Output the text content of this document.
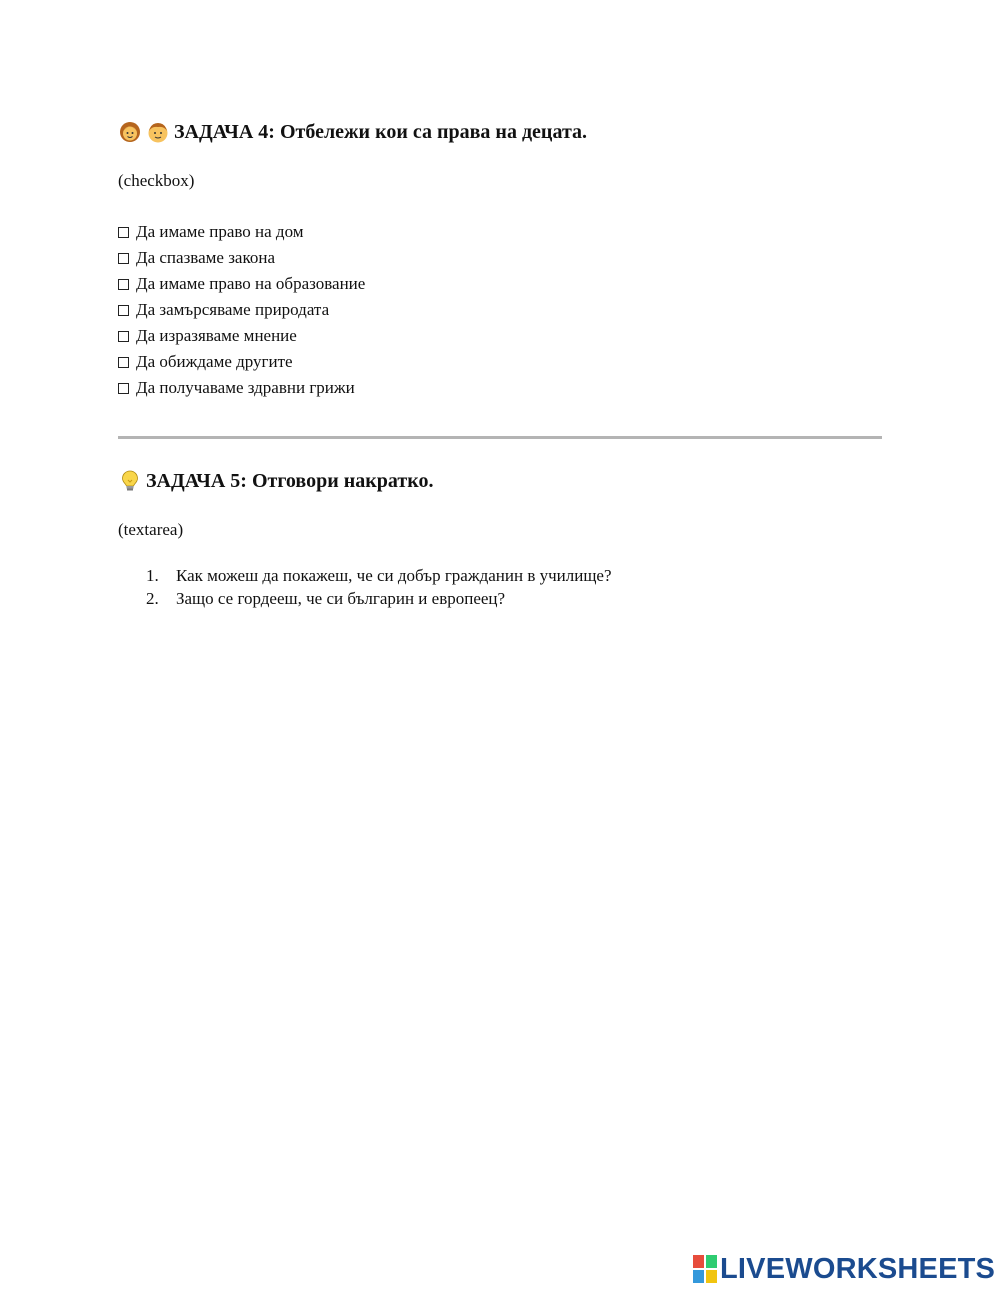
ЗАДАЧА 4: Отбележи кои са права на децата.
(checkbox)
Да имаме право на дом
Да спазваме закона
Да имаме право на образование
Да замърсяваме природата
Да изразяваме мнение
Да обиждаме другите
Да получаваме здравни грижи
ЗАДАЧА 5: Отговори накратко.
(textarea)
1.	Как можеш да покажеш, че си добър гражданин в училище?
2.	Защо се гордееш, че си българин и европеец?
LIVEWORKSHEETS
